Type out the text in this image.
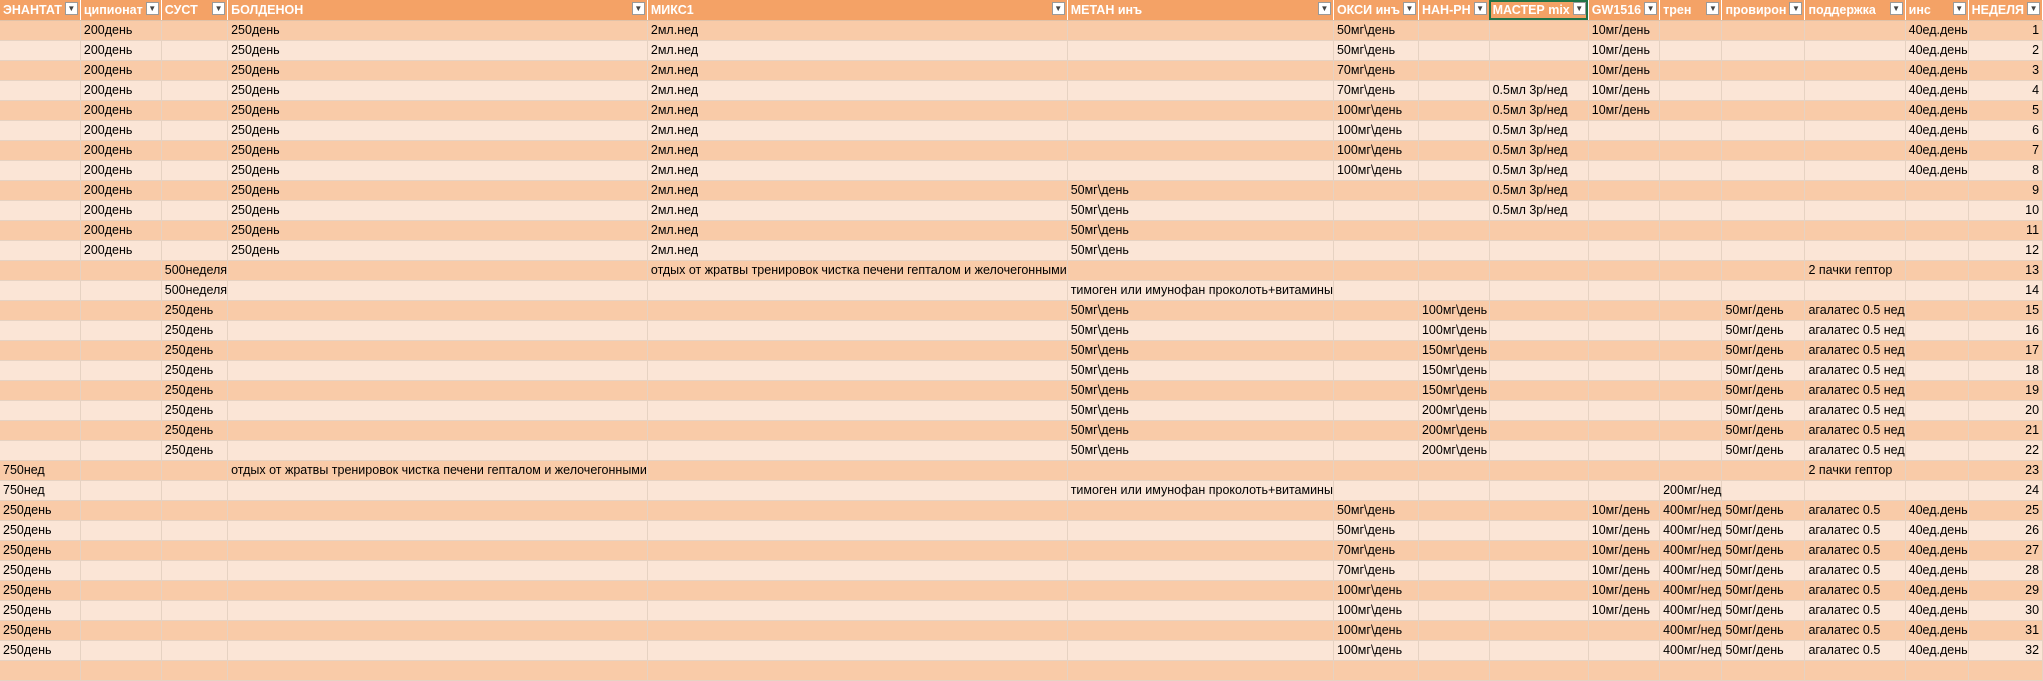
ЭНАНТАТ ▼	ципионат ▼	СУСТ ▼	БОЛДЕНОН ▼	МИКС1 ▼	МЕТАН инъ ▼	ОКСИ инъ ▼	НАН-РН ▼	МАСТЕР mix ▼	GW1516 ▼	трен ▼	провирон ▼	поддержка ▼	инс ▼	НЕДЕЛЯ ▼

	200день		250день	2мл.нед		50мг\день			10мг/день				40ед.день	1
	200день		250день	2мл.нед		50мг\день			10мг/день				40ед.день	2
	200день		250день	2мл.нед		70мг\день			10мг/день				40ед.день	3
	200день		250день	2мл.нед		70мг\день		0.5мл 3р/нед	10мг/день				40ед.день	4
	200день		250день	2мл.нед		100мг\день		0.5мл 3р/нед	10мг/день				40ед.день	5
	200день		250день	2мл.нед		100мг\день		0.5мл 3р/нед					40ед.день	6
	200день		250день	2мл.нед		100мг\день		0.5мл 3р/нед					40ед.день	7
	200день		250день	2мл.нед		100мг\день		0.5мл 3р/нед					40ед.день	8
	200день		250день	2мл.нед	50мг\день			0.5мл 3р/нед						9
	200день		250день	2мл.нед	50мг\день			0.5мл 3р/нед						10
	200день		250день	2мл.нед	50мг\день									11
	200день		250день	2мл.нед	50мг\день									12
		500неделя		отдых от жратвы тренировок чистка печени гепталом и желочегонными								2 пачки гептор		13
		500неделя			тимоген или имунофан проколоть+витамины									14
		250день			50мг\день		100мг\день				50мг/день	агалатес 0.5 нед		15
		250день			50мг\день		100мг\день				50мг/день	агалатес 0.5 нед		16
		250день			50мг\день		150мг\день				50мг/день	агалатес 0.5 нед		17
		250день			50мг\день		150мг\день				50мг/день	агалатес 0.5 нед		18
		250день			50мг\день		150мг\день				50мг/день	агалатес 0.5 нед		19
		250день			50мг\день		200мг\день				50мг/день	агалатес 0.5 нед		20
		250день			50мг\день		200мг\день				50мг/день	агалатес 0.5 нед		21
		250день			50мг\день		200мг\день				50мг/день	агалатес 0.5 нед		22
750нед			отдых от жратвы тренировок чистка печени гепталом и желочегонными									2 пачки гептор		23
750нед					тимоген или имунофан проколоть+витамины					200мг/нед				24
250день						50мг\день			10мг/день	400мг/нед	50мг/день	агалатес 0.5	40ед.день	25
250день						50мг\день			10мг/день	400мг/нед	50мг/день	агалатес 0.5	40ед.день	26
250день						70мг\день			10мг/день	400мг/нед	50мг/день	агалатес 0.5	40ед.день	27
250день						70мг\день			10мг/день	400мг/нед	50мг/день	агалатес 0.5	40ед.день	28
250день						100мг\день			10мг/день	400мг/нед	50мг/день	агалатес 0.5	40ед.день	29
250день						100мг\день			10мг/день	400мг/нед	50мг/день	агалатес 0.5	40ед.день	30
250день						100мг\день				400мг/нед	50мг/день	агалатес 0.5	40ед.день	31
250день						100мг\день				400мг/нед	50мг/день	агалатес 0.5	40ед.день	32
